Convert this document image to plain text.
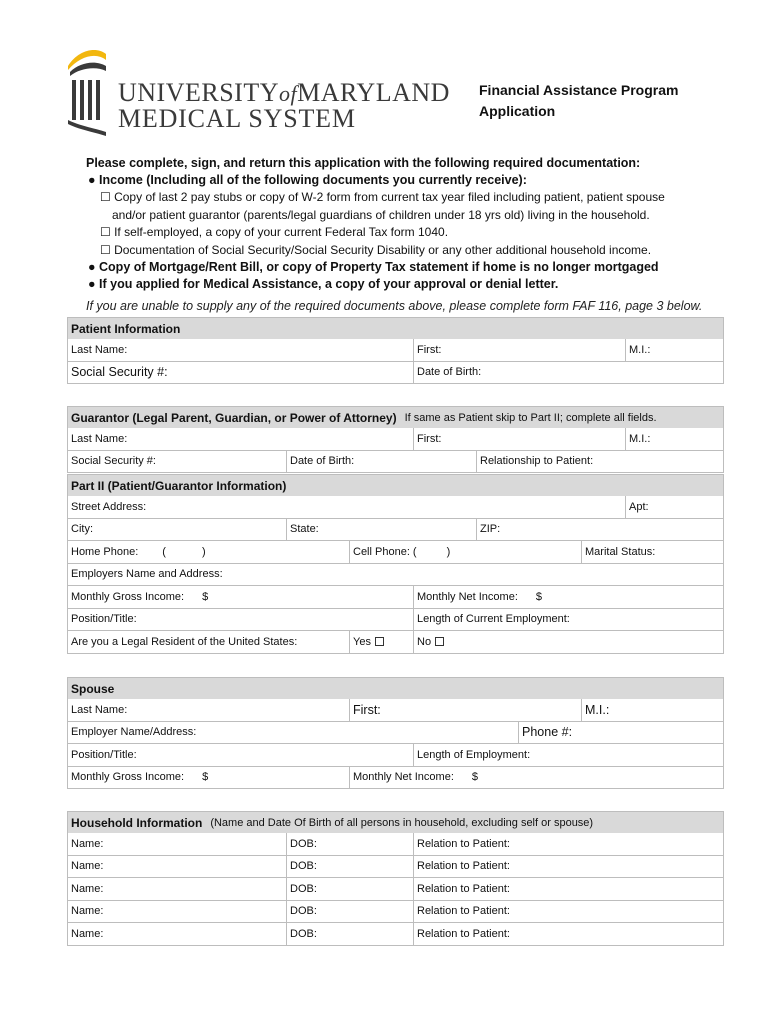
UNIVERSITYofMARYLAND
MEDICAL SYSTEM
Financial Assistance Program
Application
Please complete, sign, and return this application with the following required documentation:
● Income (Including all of the following documents you currently receive):
☐ Copy of last 2 pay stubs or copy of W-2 form from current tax year filed including patient, patient spouse
and/or patient guarantor (parents/legal guardians of children under 18 yrs old) living in the household.
☐ If self-employed, a copy of your current Federal Tax form 1040.
☐ Documentation of Social Security/Social Security Disability or any other additional household income.
● Copy of Mortgage/Rent Bill, or copy of Property Tax statement if home is no longer mortgaged
● If you applied for Medical Assistance, a copy of your approval or denial letter.
If you are unable to supply any of the required documents above, please complete form FAF 116, page 3 below.
Patient Information
Last Name:	First:	M.I.:
Social Security #:	Date of Birth:
Guarantor (Legal Parent, Guardian, or Power of Attorney) If same as Patient skip to Part II; complete all fields.
Last Name:	First:	M.I.:
Social Security #:	Date of Birth:	Relationship to Patient:
Part II (Patient/Guarantor Information)
Street Address:	Apt:
City:	State:	ZIP:
Home Phone: (	)	Cell Phone: (	)	Marital Status:
Employers Name and Address:
Monthly Gross Income: $	Monthly Net Income: $
Position/Title:	Length of Current Employment:
Are you a Legal Resident of the United States:	Yes	No
Spouse
Last Name:	First:	M.I.:
Employer Name/Address:	Phone #:
Position/Title:	Length of Employment:
Monthly Gross Income: $	Monthly Net Income: $
Household Information (Name and Date Of Birth of all persons in household, excluding self or spouse)
Name:	DOB:	Relation to Patient:
Name:	DOB:	Relation to Patient:
Name:	DOB:	Relation to Patient:
Name:	DOB:	Relation to Patient:
Name:	DOB:	Relation to Patient:
